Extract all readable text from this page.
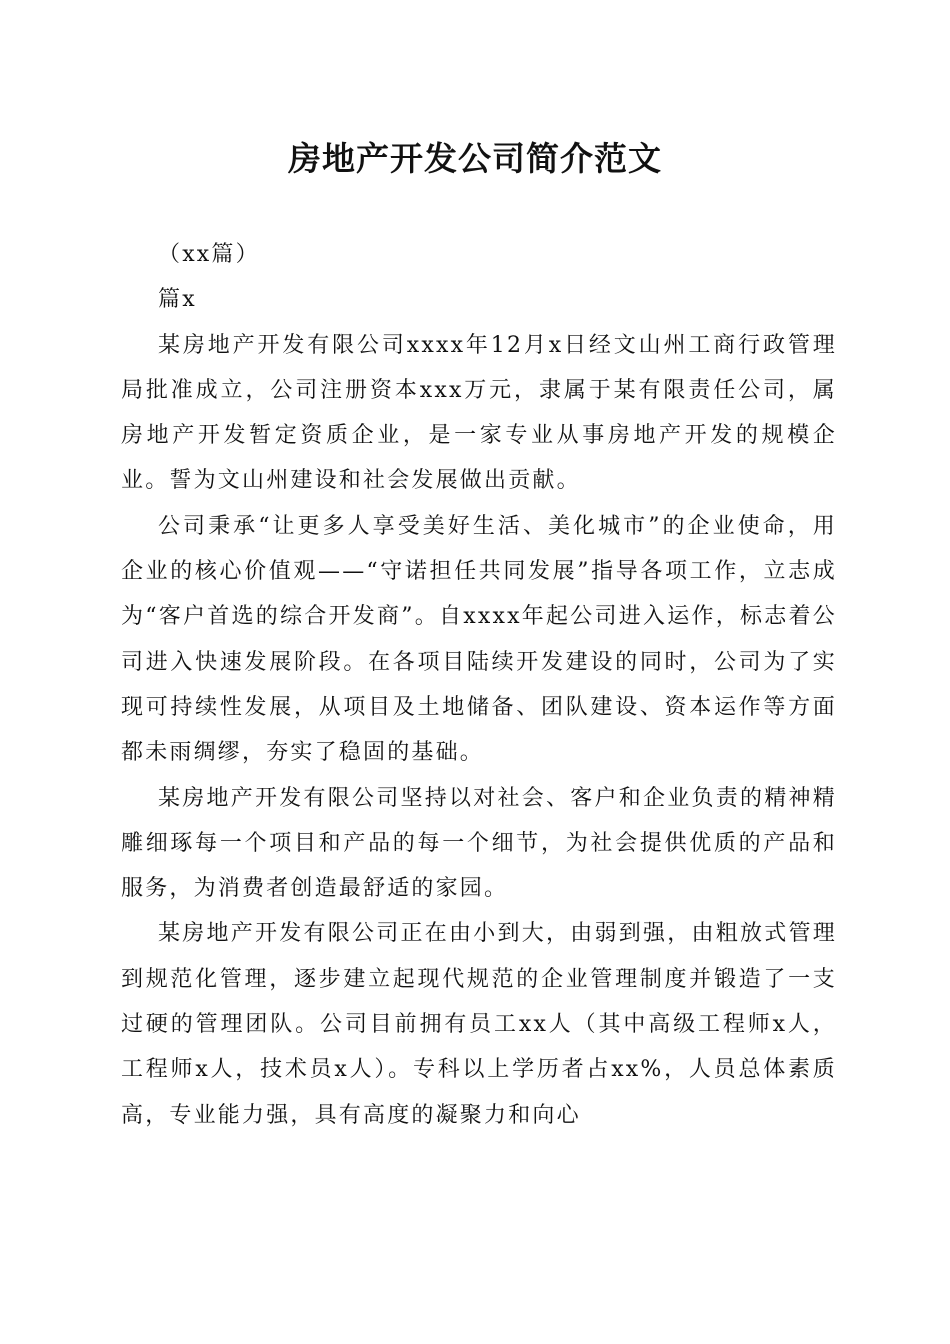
房地产开发公司简介范文

（xx篇）

篇x

某房地产开发有限公司xxxx年12月x日经文山州工商行政管理局批准成立，公司注册资本xxx万元，隶属于某有限责任公司，属房地产开发暂定资质企业，是一家专业从事房地产开发的规模企业。誓为文山州建设和社会发展做出贡献。

公司秉承“让更多人享受美好生活、美化城市”的企业使命，用企业的核心价值观——“守诺担任共同发展”指导各项工作，立志成为“客户首选的综合开发商”。自xxxx年起公司进入运作，标志着公司进入快速发展阶段。在各项目陆续开发建设的同时，公司为了实现可持续性发展，从项目及土地储备、团队建设、资本运作等方面都未雨绸缪，夯实了稳固的基础。

某房地产开发有限公司坚持以对社会、客户和企业负责的精神精雕细琢每一个项目和产品的每一个细节，为社会提供优质的产品和服务，为消费者创造最舒适的家园。

某房地产开发有限公司正在由小到大，由弱到强，由粗放式管理到规范化管理，逐步建立起现代规范的企业管理制度并锻造了一支过硬的管理团队。公司目前拥有员工xx人（其中高级工程师x人，工程师x人，技术员x人）。专科以上学历者占xx%，人员总体素质高，专业能力强，具有高度的凝聚力和向心
